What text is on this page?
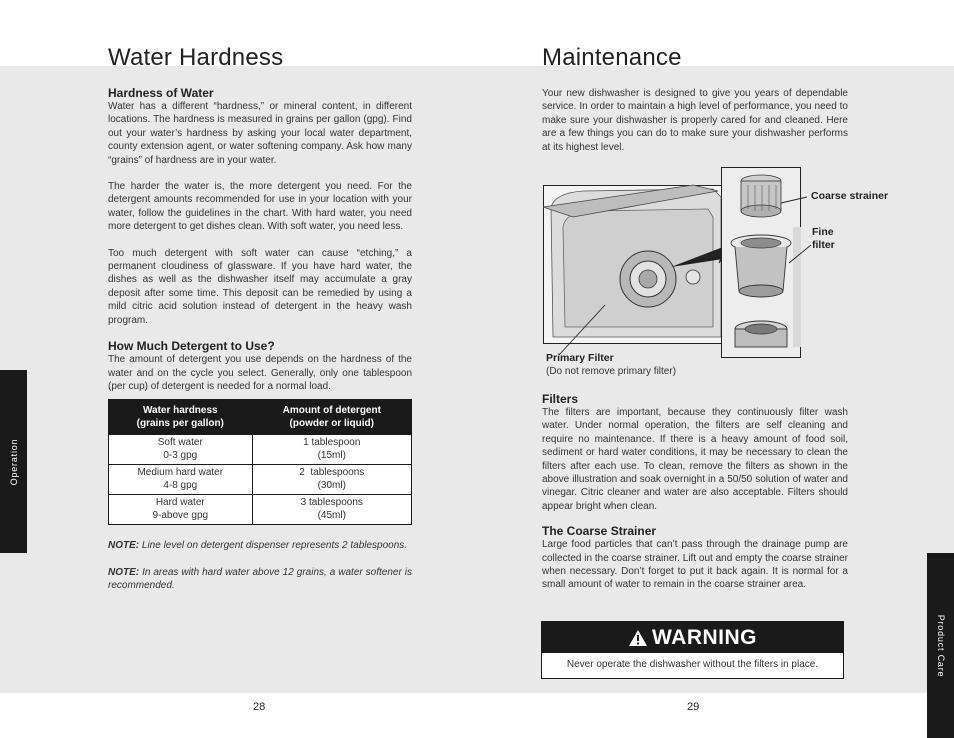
Water Hardness
Hardness of Water

Water has a different “hardness,” or mineral content, in different locations. The hardness is measured in grains per gallon (gpg). Find out your water’s hardness by asking your local water department, county extension agent, or water softening company. Ask how many “grains” of hardness are in your water.

The harder the water is, the more detergent you need. For the detergent amounts recommended for use in your location with your water, follow the guidelines in the chart. With hard water, you need more detergent to get dishes clean. With soft water, you need less.

Too much detergent with soft water can cause “etching,” a permanent cloudiness of glassware. If you have hard water, the dishes as well as the dishwasher itself may accumulate a gray deposit after some time. This deposit can be remedied by using a mild citric acid solution instead of detergent in the heavy wash program.

How Much Detergent to Use?

The amount of detergent you use depends on the hardness of the water and on the cycle you select. Generally, only one tablespoon (per cup) of detergent is needed for a normal load.

Water hardness
(grains per gallon)	Amount of detergent
(powder or liquid)

Soft water
0-3 gpg	1 tablespoon
(15ml)

Medium hard water
4-8 gpg	2  tablespoons
(30ml)

Hard water
9-above gpg	3 tablespoons
(45ml)

NOTE: Line level on detergent dispenser represents 2 tablespoons.

NOTE: In areas with hard water above 12 grains, a water softener is recommended.

Operation
28
Maintenance

Your new dishwasher is designed to give you years of dependable service. In order to maintain a high level of performance, you need to make sure your dishwasher is properly cared for and cleaned. Here are a few things you can do to make sure your dishwasher performs at its highest level.

Coarse strainer
Fine
filter
Primary Filter
(Do not remove primary filter)
Filters

The filters are important, because they continuously filter wash water. Under normal operation, the filters are self cleaning and require no maintenance. If there is a heavy amount of food soil, sediment or hard water conditions, it may be necessary to clean the filters after each use. To clean, remove the filters as shown in the above illustration and soak overnight in a 50/50 solution of water and vinegar. Citric cleaner and water are also acceptable. Filters should appear bright when clean.

The Coarse Strainer

Large food particles that can’t pass through the drainage pump are collected in the coarse strainer. Lift out and empty the coarse strainer when necessary. Don’t forget to put it back again. It is normal for a small amount of water to remain in the coarse strainer area.

WARNING
Never operate the dishwasher without the filters in place.	Product Care
29
